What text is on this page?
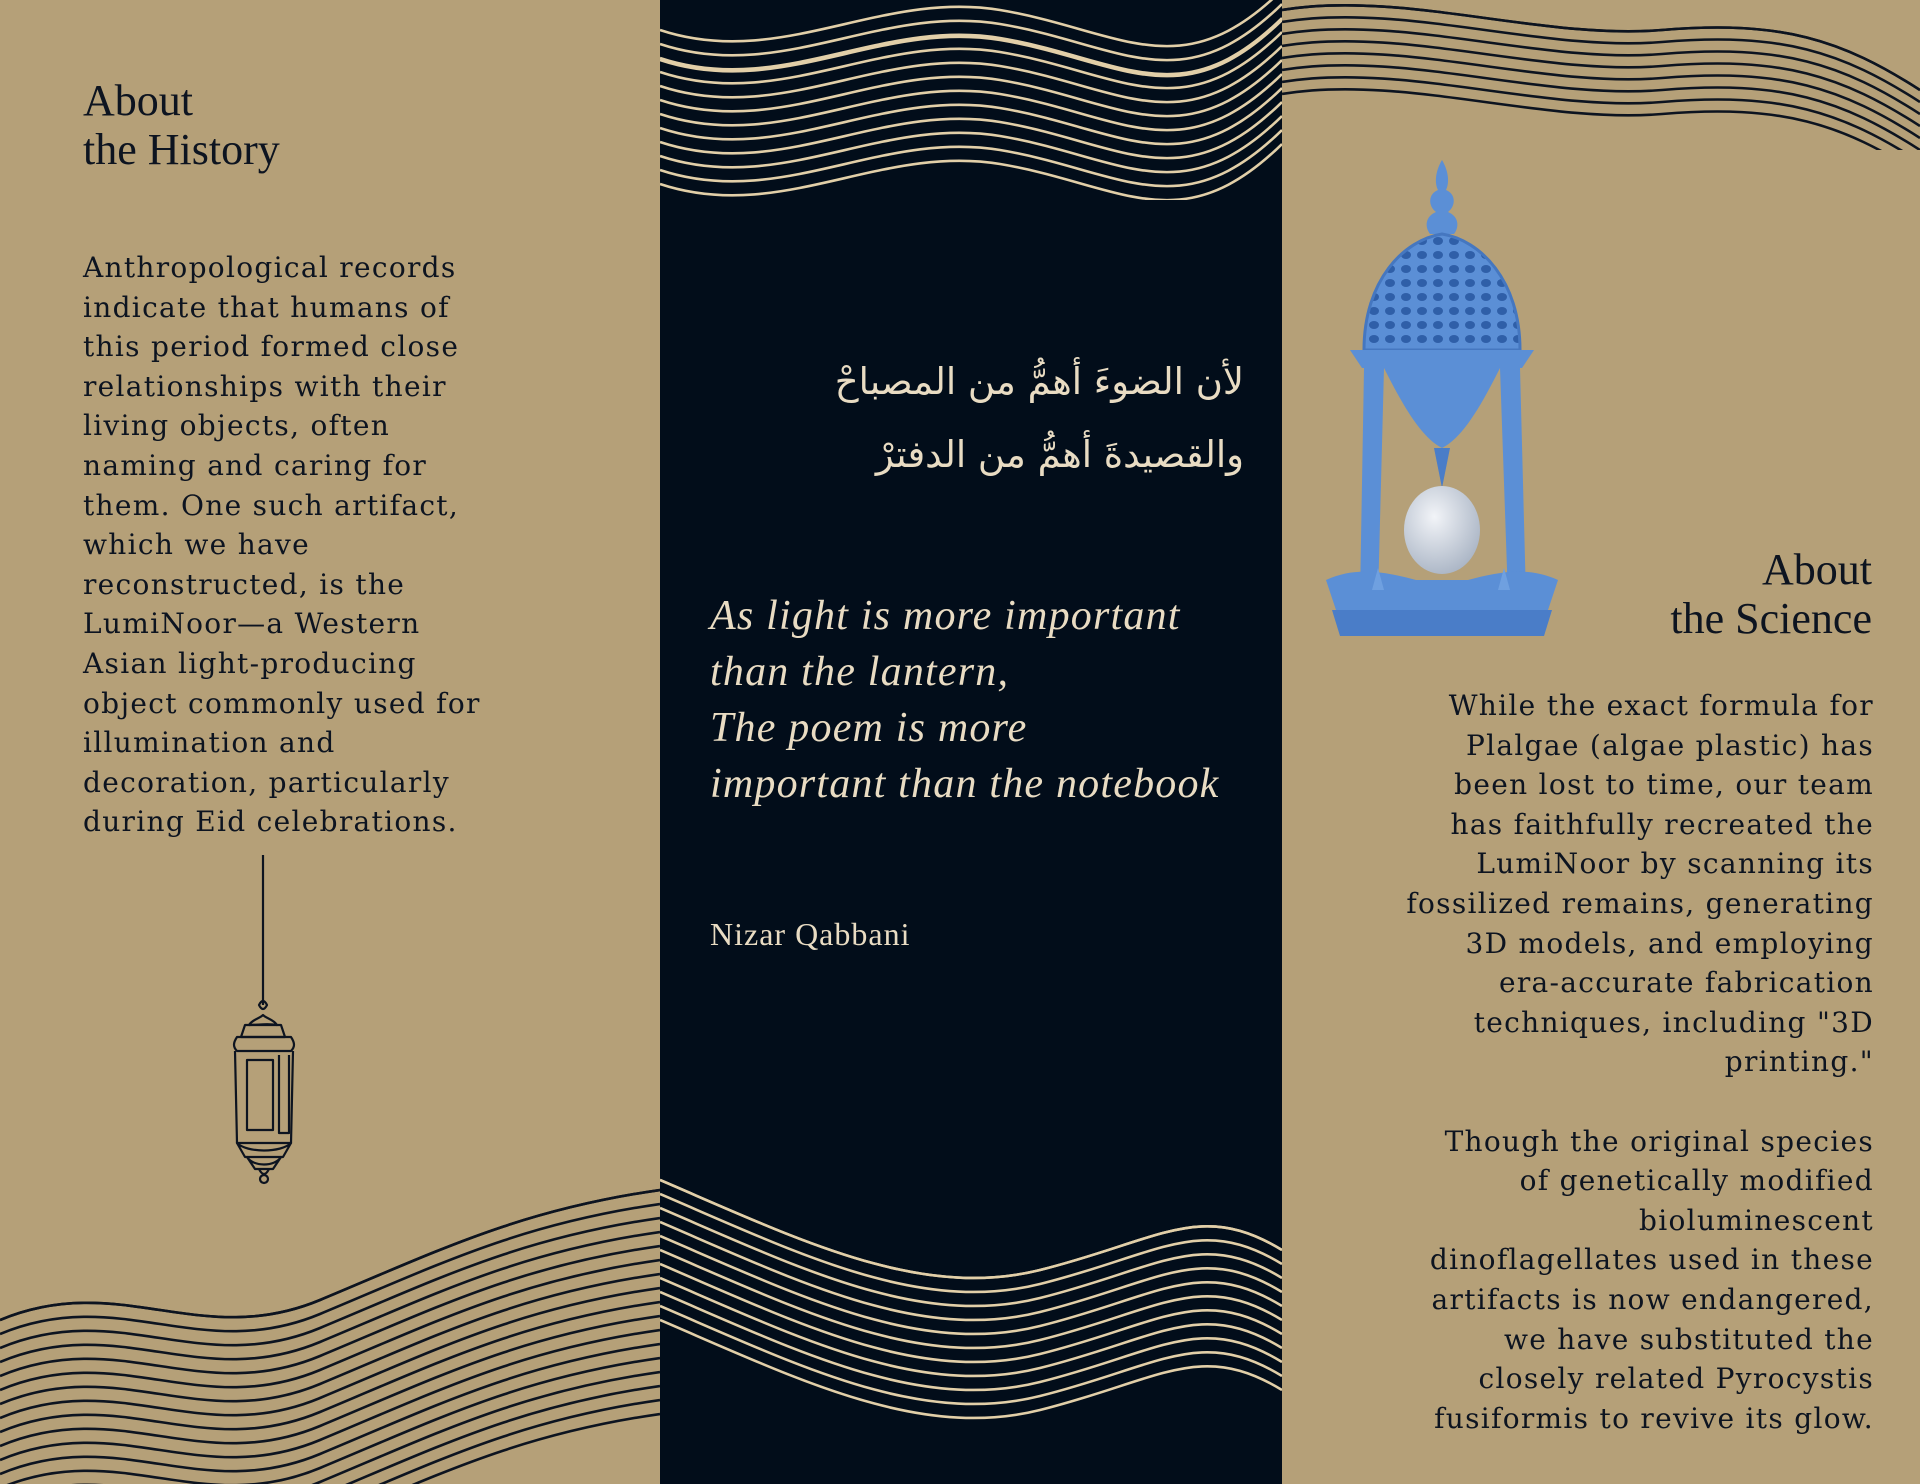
About
the History
Anthropological records
indicate that humans of
this period formed close
relationships with their
living objects, often
naming and caring for
them. One such artifact,
which we have
reconstructed, is the
LumiNoor—a Western
Asian light-producing
object commonly used for
illumination and
decoration, particularly
during Eid celebrations.
لأن الضوءَ أهمُّ من المصباحْ
والقصيدةَ أهمُّ من الدفترْ
As light is more important
than the lantern,
The poem is more
important than the notebook
Nizar Qabbani
About
the Science
While the exact formula for
Plalgae (algae plastic) has
been lost to time, our team
has faithfully recreated the
LumiNoor by scanning its
fossilized remains, generating
3D models, and employing
era-accurate fabrication
techniques, including "3D
printing."
Though the original species
of genetically modified
bioluminescent
dinoflagellates used in these
artifacts is now endangered,
we have substituted the
closely related Pyrocystis
fusiformis to revive its glow.
